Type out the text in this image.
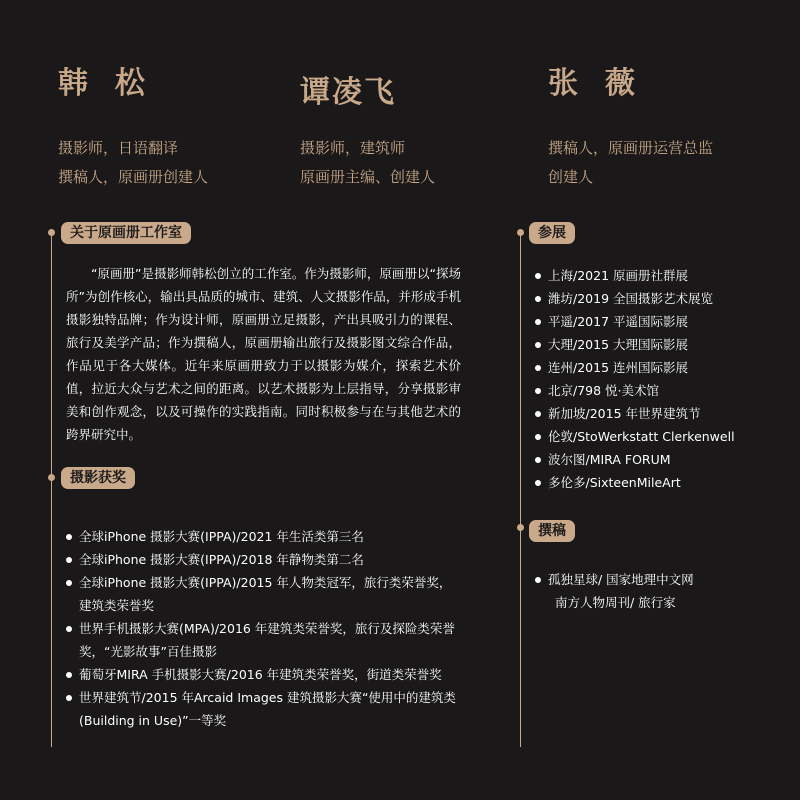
韩  松
摄影师，日语翻译
撰稿人，原画册创建人
谭凌飞
摄影师，建筑师
原画册主编、创建人
张  薇
撰稿人，原画册运营总监
创建人
关于原画册工作室
“原画册”是摄影师韩松创立的工作室。作为摄影师，原画册以“探场所”为创作核心，输出具品质的城市、建筑、人文摄影作品，并形成手机摄影独特品牌；作为设计师，原画册立足摄影，产出具吸引力的课程、旅行及美学产品；作为撰稿人，原画册输出旅行及摄影图文综合作品，作品见于各大媒体。近年来原画册致力于以摄影为媒介，探索艺术价值，拉近大众与艺术之间的距离。以艺术摄影为上层指导，分享摄影审美和创作观念，以及可操作的实践指南。同时积极参与在与其他艺术的跨界研究中。
摄影获奖
全球iPhone 摄影大赛(IPPA)/2021 年生活类第三名
全球iPhone 摄影大赛(IPPA)/2018 年静物类第二名
全球iPhone 摄影大赛(IPPA)/2015 年人物类冠军，旅行类荣誉奖，建筑类荣誉奖
世界手机摄影大赛(MPA)/2016 年建筑类荣誉奖，旅行及探险类荣誉奖，“光影故事”百佳摄影
葡萄牙MIRA 手机摄影大赛/2016 年建筑类荣誉奖，街道类荣誉奖
世界建筑节/2015 年Arcaid Images 建筑摄影大赛“使用中的建筑类(Building in Use)”一等奖
参展
上海/2021 原画册社群展
潍坊/2019 全国摄影艺术展览
平遥/2017 平遥国际影展
大理/2015 大理国际影展
连州/2015 连州国际影展
北京/798 悦·美术馆
新加坡/2015 年世界建筑节
伦敦/StoWerkstatt Clerkenwell
波尔图/MIRA FORUM
多伦多/SixteenMileArt
撰稿
孤独星球/ 国家地理中文网
南方人物周刊/ 旅行家
